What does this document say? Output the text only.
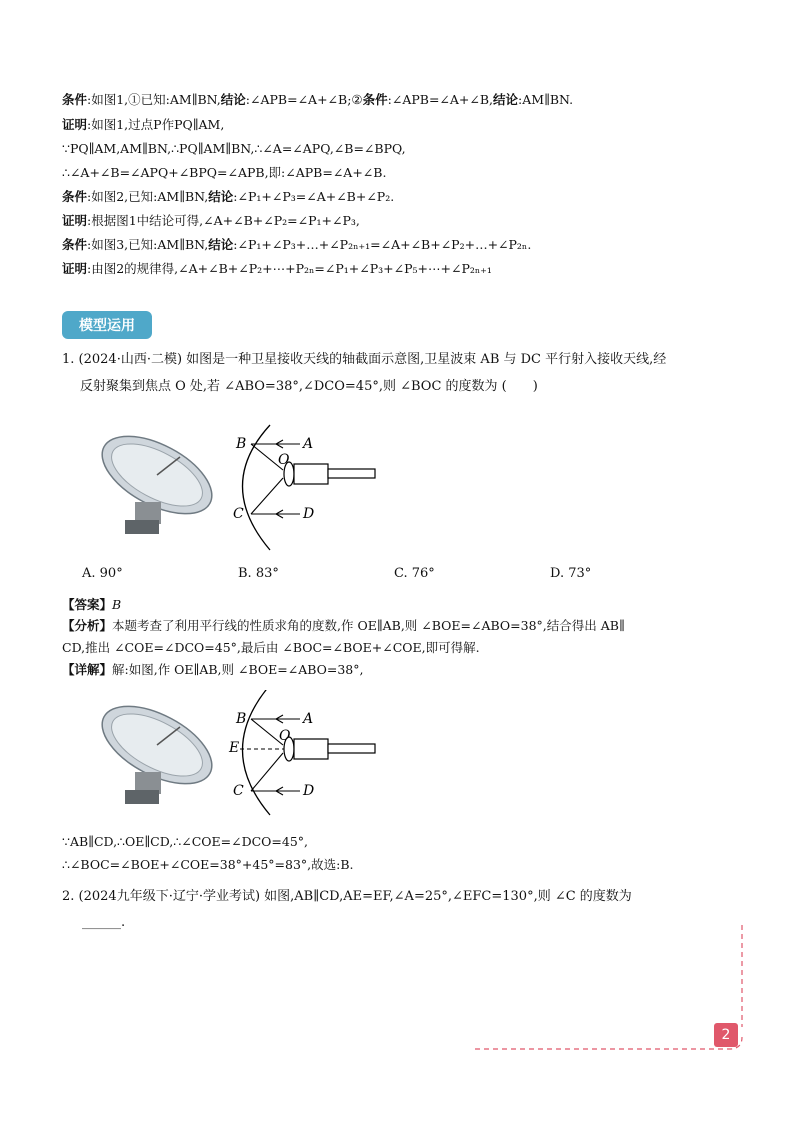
条件:如图1,①已知:AM∥BN,结论:∠APB=∠A+∠B;②条件:∠APB=∠A+∠B,结论:AM∥BN.
证明:如图1,过点P作PQ∥AM,
∵PQ∥AM,AM∥BN,∴PQ∥AM∥BN,∴∠A=∠APQ,∠B=∠BPQ,
∴∠A+∠B=∠APQ+∠BPQ=∠APB,即:∠APB=∠A+∠B.
条件:如图2,已知:AM∥BN,结论:∠P₁+∠P₃=∠A+∠B+∠P₂.
证明:根据图1中结论可得,∠A+∠B+∠P₂=∠P₁+∠P₃,
条件:如图3,已知:AM∥BN,结论:∠P₁+∠P₃+…+∠P₂ₙ₊₁=∠A+∠B+∠P₂+…+∠P₂ₙ.
证明:由图2的规律得,∠A+∠B+∠P₂+⋯+P₂ₙ=∠P₁+∠P₃+∠P₅+⋯+∠P₂ₙ₊₁
模型运用
1. (2024·山西·二模) 如图是一种卫星接收天线的轴截面示意图,卫星波束 AB 与 DC 平行射入接收天线,经
反射聚集到焦点 O 处,若 ∠ABO=38°,∠DCO=45°,则 ∠BOC 的度数为 (　　)
B	A
O
C	D
A. 90°	B. 83°	C. 76°	D. 73°
【答案】B
【分析】本题考查了利用平行线的性质求角的度数,作 OE∥AB,则 ∠BOE=∠ABO=38°,结合得出 AB∥
CD,推出 ∠COE=∠DCO=45°,最后由 ∠BOC=∠BOE+∠COE,即可得解.
【详解】解:如图,作 OE∥AB,则 ∠BOE=∠ABO=38°,
B	A
O
E
C	D
∵AB∥CD,∴OE∥CD,∴∠COE=∠DCO=45°,
∴∠BOC=∠BOE+∠COE=38°+45°=83°,故选:B.
2. (2024九年级下·辽宁·学业考试) 如图,AB∥CD,AE=EF,∠A=25°,∠EFC=130°,则 ∠C 的度数为
______.
2
